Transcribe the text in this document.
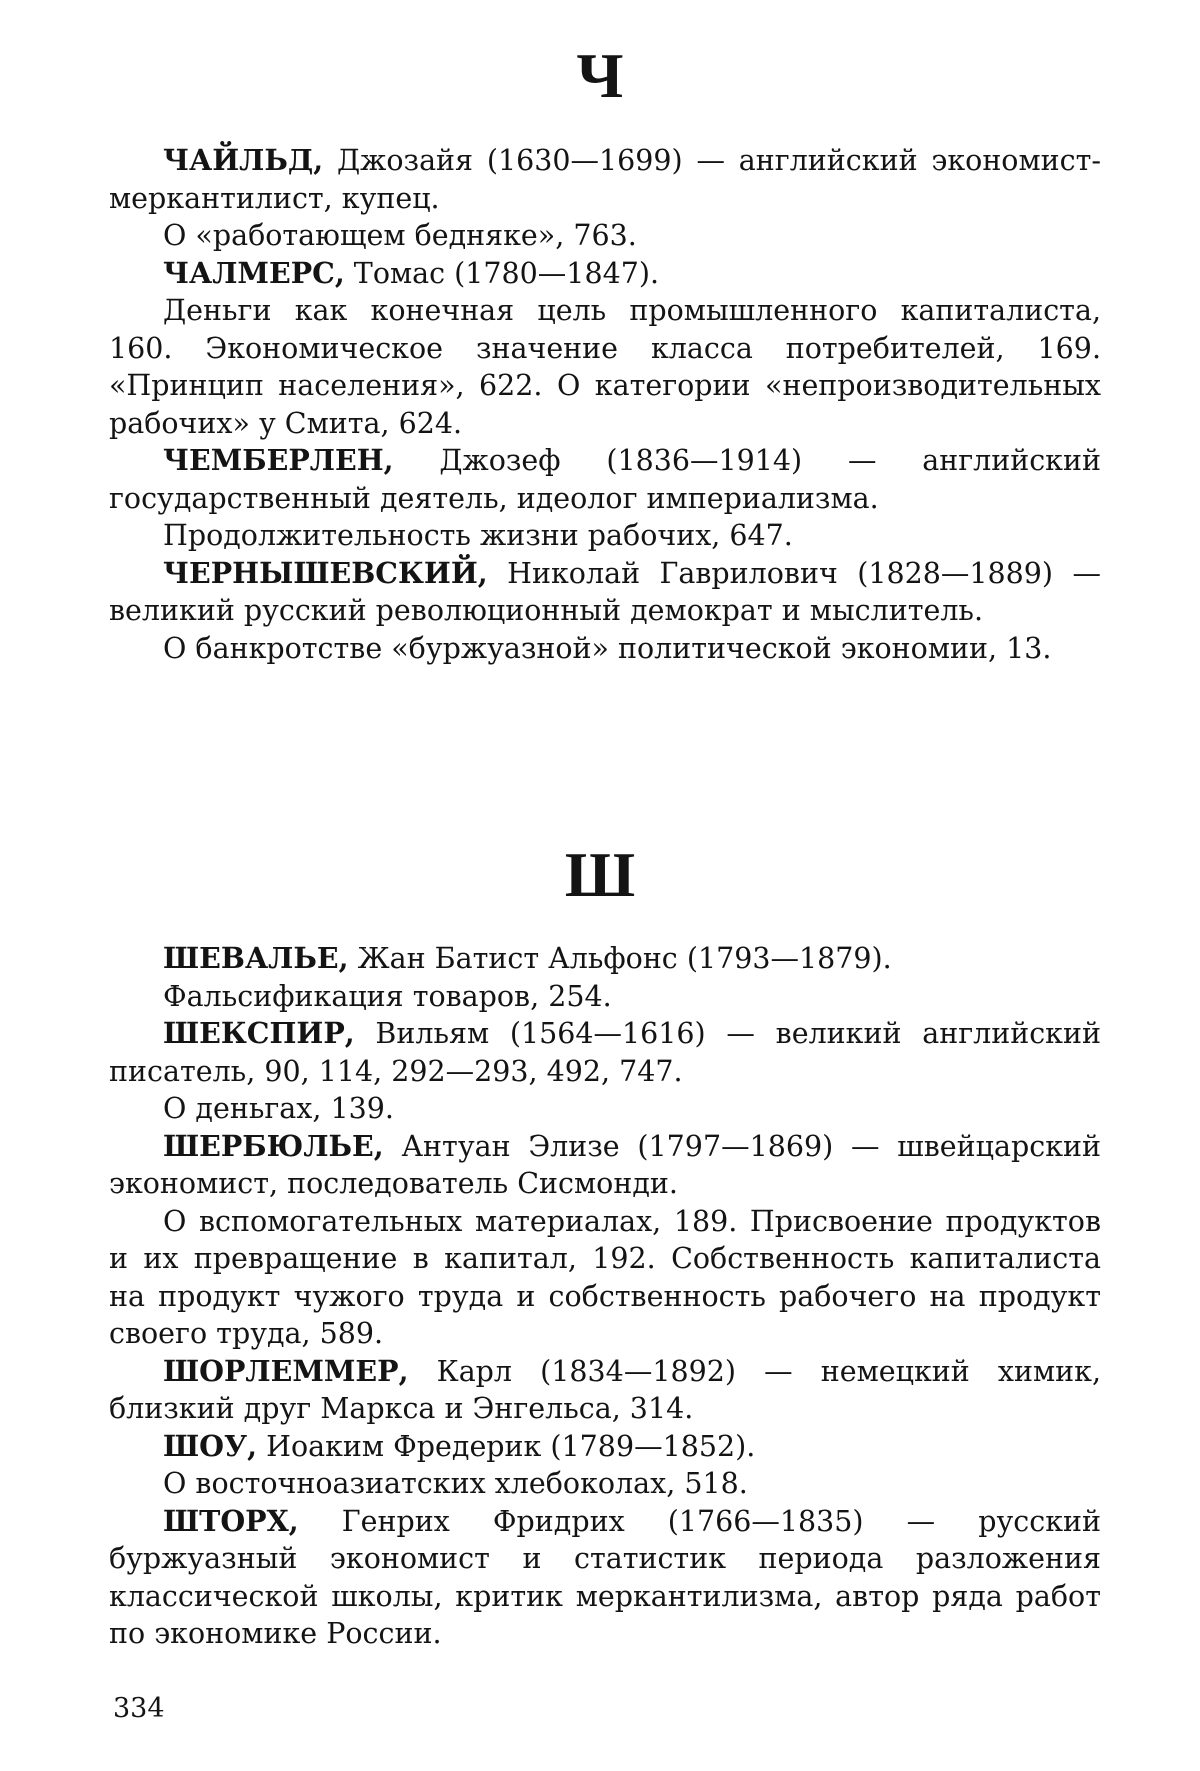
Ч

ЧАЙЛЬД, Джозайя (1630—1699) — английский экономист-меркантилист, купец.

О «работающем бедняке», 763.

ЧАЛМЕРС, Томас (1780—1847).

Деньги как конечная цель промышленного капиталиста, 160. Экономическое значение класса потребителей, 169. «Принцип населения», 622. О категории «непроизводительных рабочих» у Смита, 624.

ЧЕМБЕРЛЕН, Джозеф (1836—1914) — английский государственный деятель, идеолог империализма.

Продолжительность жизни рабочих, 647.

ЧЕРНЫШЕВСКИЙ, Николай Гаврилович (1828—1889) — великий русский революционный демократ и мыслитель.

О банкротстве «буржуазной» политической экономии, 13.

Ш

ШЕВАЛЬЕ, Жан Батист Альфонс (1793—1879).

Фальсификация товаров, 254.

ШЕКСПИР, Вильям (1564—1616) — великий английский писатель, 90, 114, 292—293, 492, 747.

О деньгах, 139.

ШЕРБЮЛЬЕ, Антуан Элизе (1797—1869) — швейцарский экономист, последователь Сисмонди.

О вспомогательных материалах, 189. Присвоение продуктов и их превращение в капитал, 192. Собственность капиталиста на продукт чужого труда и собственность рабочего на продукт своего труда, 589.

ШОРЛЕММЕР, Карл (1834—1892) — немецкий химик, близкий друг Маркса и Энгельса, 314.

ШОУ, Иоаким Фредерик (1789—1852).

О восточноазиатских хлебоколах, 518.

ШТОРХ, Генрих Фридрих (1766—1835) — русский буржуазный экономист и статистик периода разложения классической школы, критик меркантилизма, автор ряда работ по экономике России.

334
